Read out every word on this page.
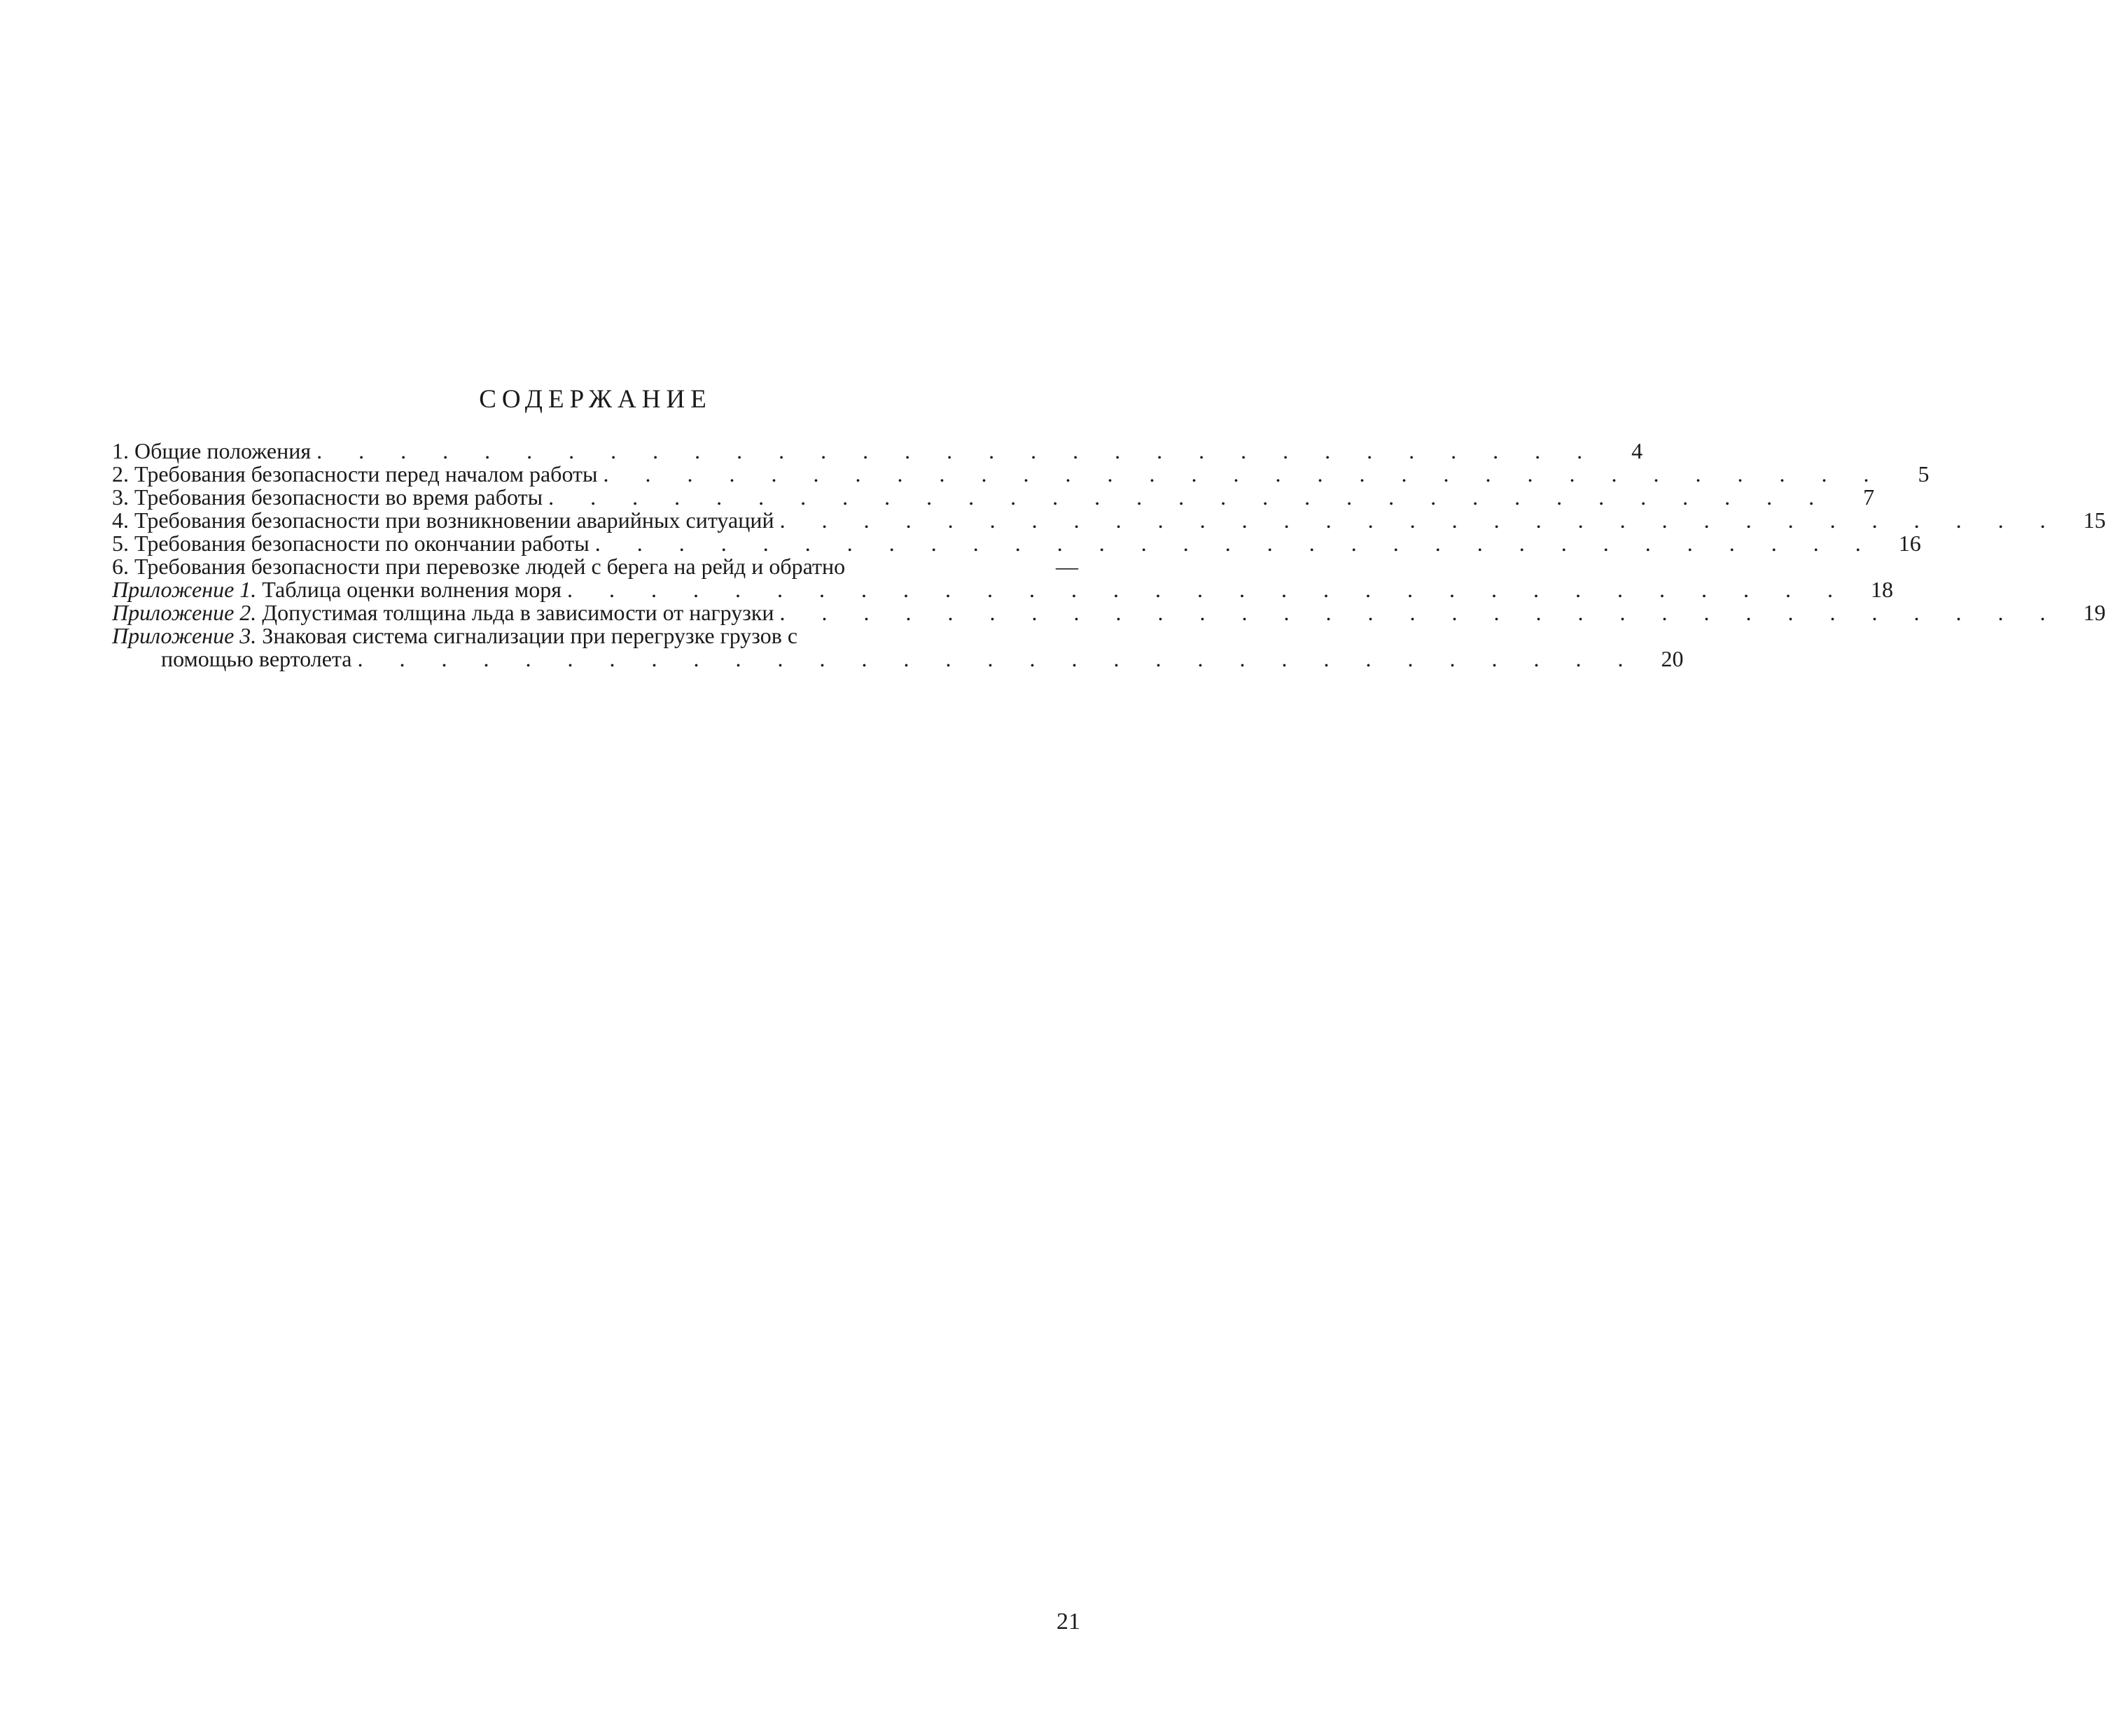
СОДЕРЖАНИЕ
1. Общие положения . . . . . . . . . . . . . . . . . . . . . . . . . . . . . . .	4
2. Требования безопасности перед началом работы . . . . . . . . . . . . . . . . . . . . . . . . . . . . . . .	5
3. Требования безопасности во время работы . . . . . . . . . . . . . . . . . . . . . . . . . . . . . . .	7
4. Требования безопасности при возникновении аварийных ситуаций . . . . . . . . . . . . . . . . . . . . . . . . . . . . . . .	15
5. Требования безопасности по окончании работы . . . . . . . . . . . . . . . . . . . . . . . . . . . . . . .	16
6. Требования безопасности при перевозке людей с берега на рейд и обратно	—
Приложение 1. Таблица оценки волнения моря . . . . . . . . . . . . . . . . . . . . . . . . . . . . . . .	18
Приложение 2. Допустимая толщина льда в зависимости от нагрузки . . . . . . . . . . . . . . . . . . . . . . . . . . . . . . .	19
Приложение 3. Знаковая система сигнализации при перегрузке грузов с
помощью вертолета . . . . . . . . . . . . . . . . . . . . . . . . . . . . . . .	20
21
